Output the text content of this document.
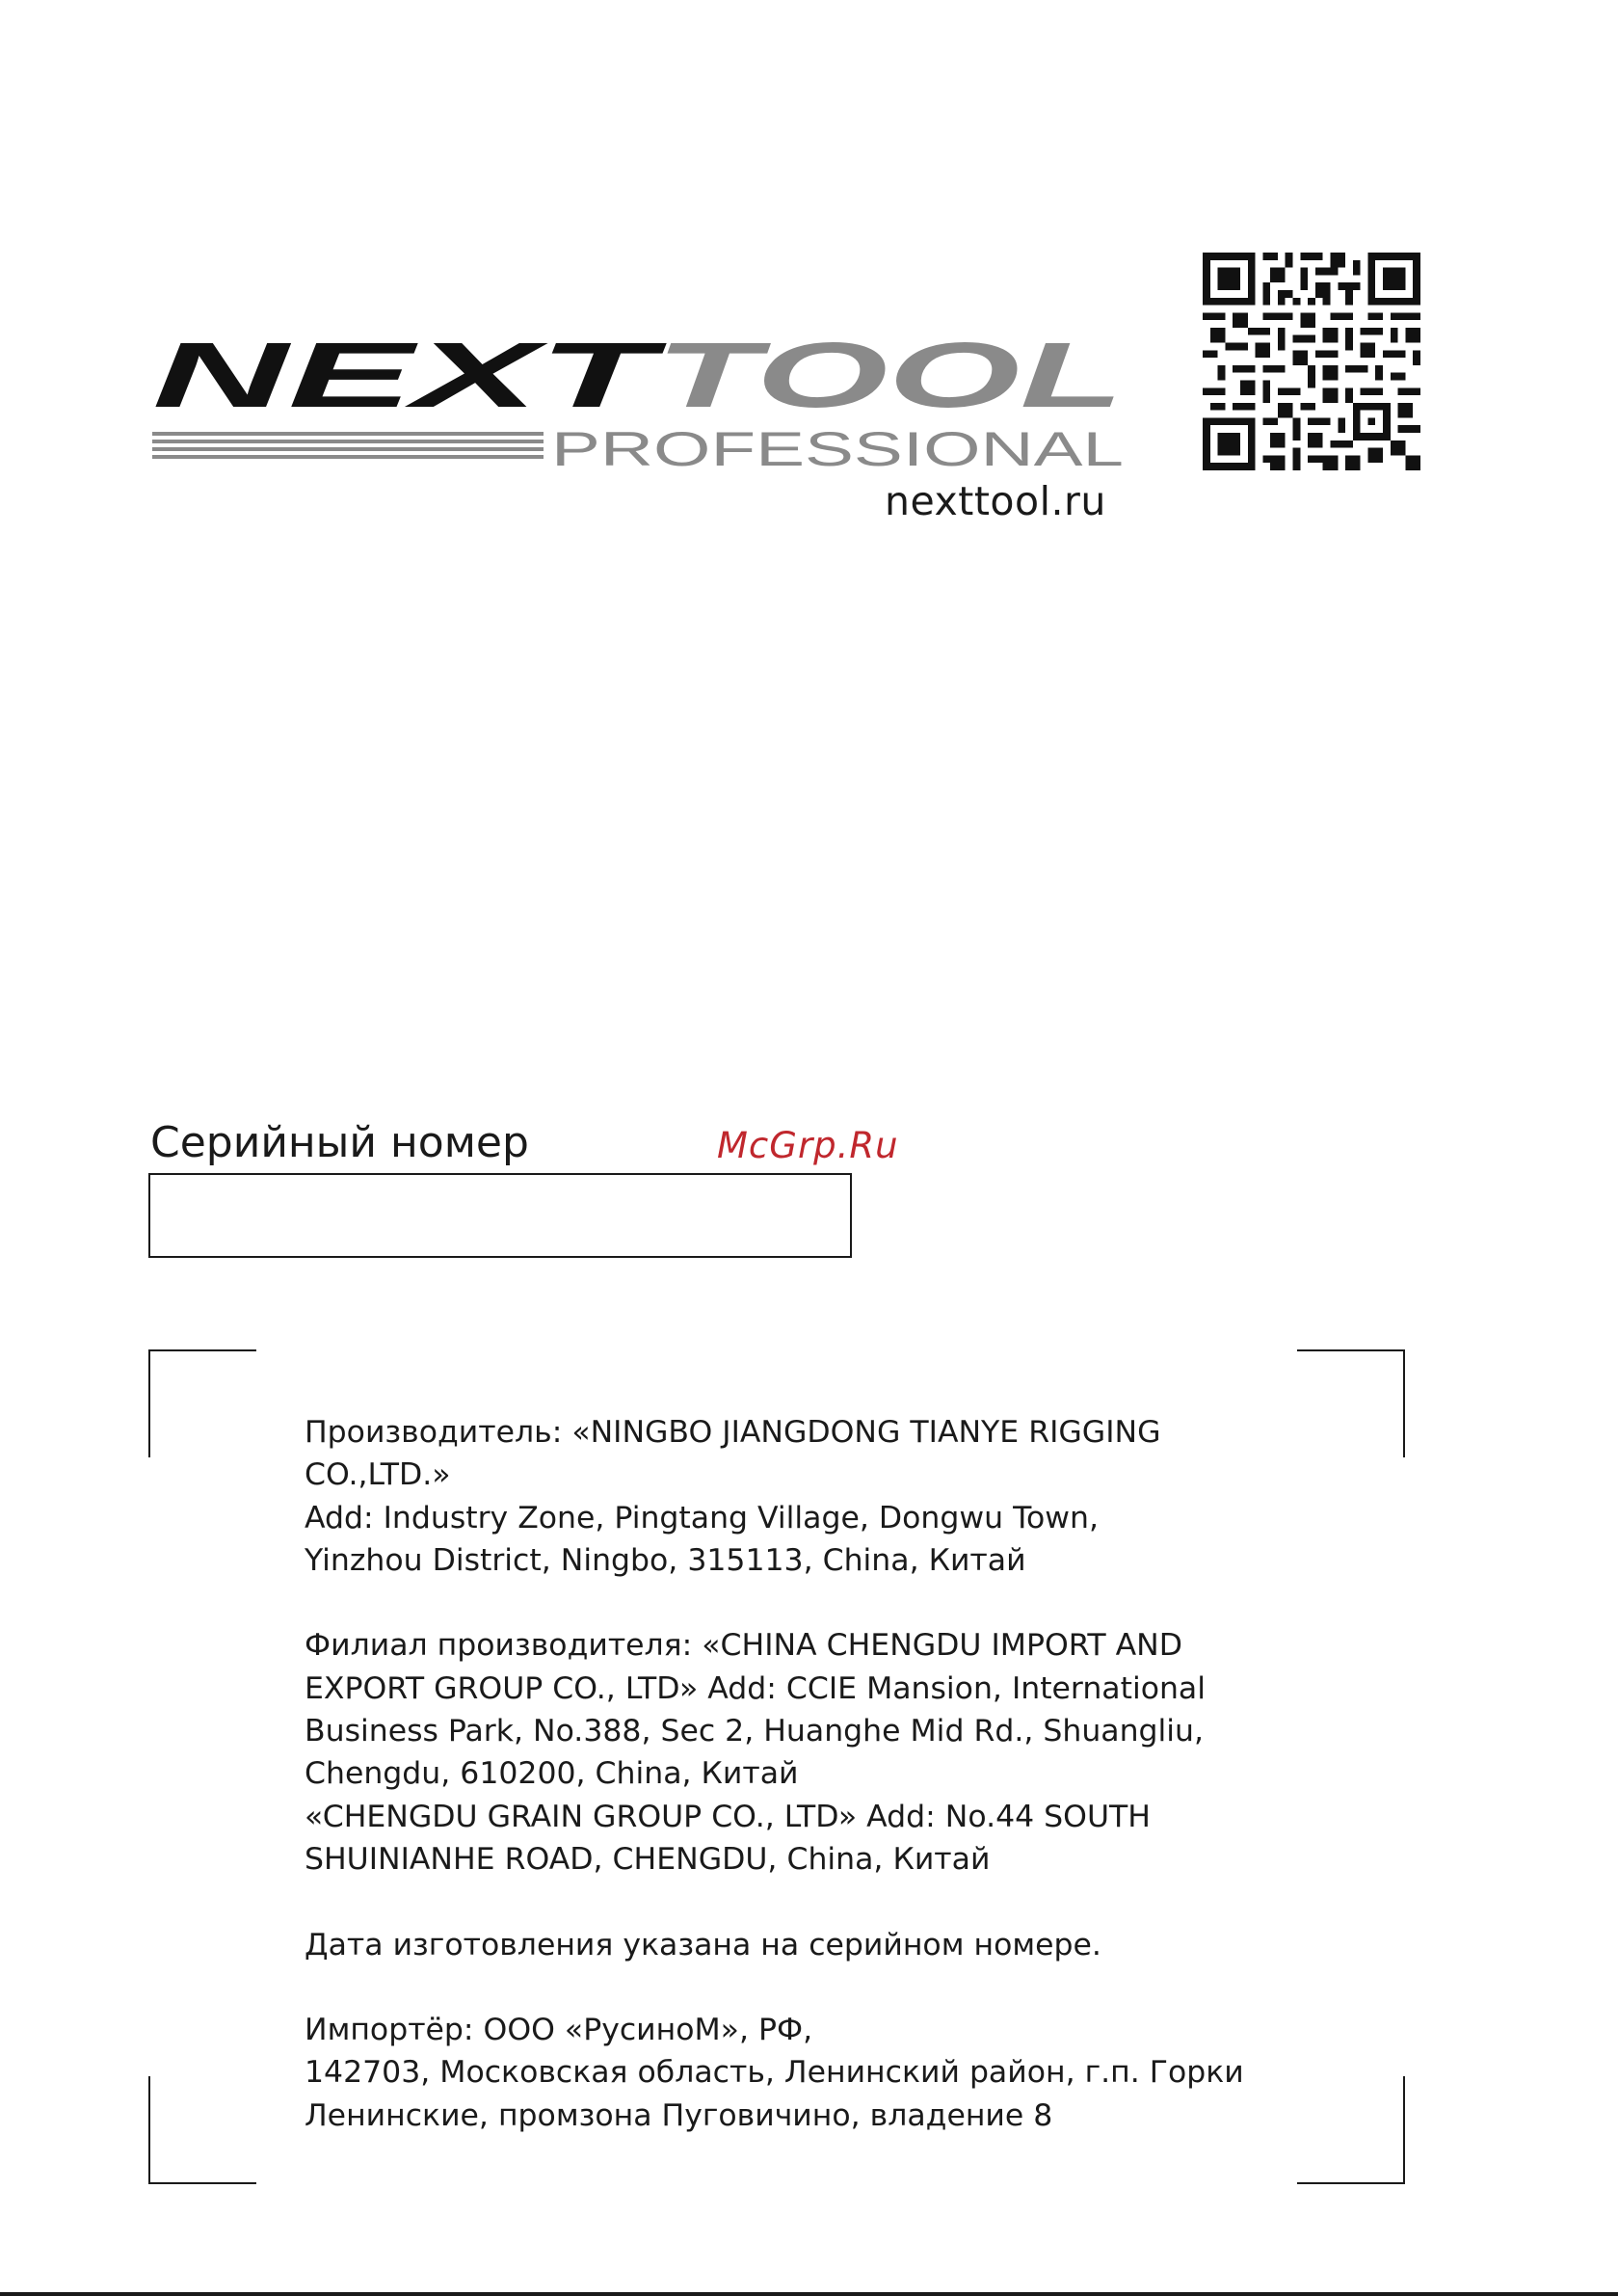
NEXT
TOOL
PROFESSIONAL
nexttool.ru
Серийный номер	McGrp.Ru

Производитель: «NINGBO JIANGDONG TIANYE RIGGING
CO.,LTD.»
Add: Industry Zone, Pingtang Village, Dongwu Town,
Yinzhou District, Ningbo, 315113, China, Китай

Филиал производителя: «CHINA CHENGDU IMPORT AND
EXPORT GROUP CO., LTD» Add: CCIE Mansion, International
Business Park, No.388, Sec 2, Huanghe Mid Rd., Shuangliu,
Chengdu, 610200, China, Китай
«CHENGDU GRAIN GROUP CO., LTD» Add: No.44 SOUTH
SHUINIANHE ROAD, CHENGDU, China, Китай

Дата изготовления указана на серийном номере.

Импортёр: ООО «РусиноМ», РФ,
142703, Московская область, Ленинский район, г.п. Горки
Ленинские, промзона Пуговичино, владение 8
